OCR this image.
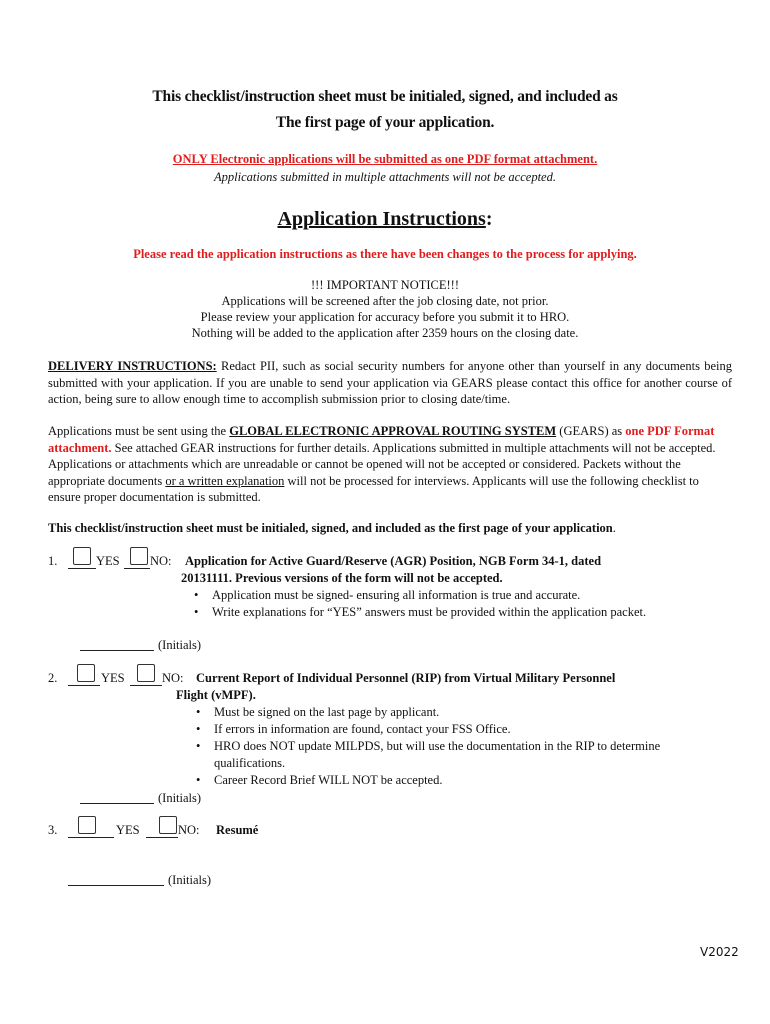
This checklist/instruction sheet must be initialed, signed, and included as
The first page of your application.
ONLY Electronic applications will be submitted as one PDF format attachment.
Applications submitted in multiple attachments will not be accepted.
Application Instructions:
Please read the application instructions as there have been changes to the process for applying.
!!! IMPORTANT NOTICE!!!
Applications will be screened after the job closing date, not prior.
Please review your application for accuracy before you submit it to HRO.
Nothing will be added to the application after 2359 hours on the closing date.
DELIVERY INSTRUCTIONS: Redact PII, such as social security numbers for anyone other than yourself in any documents being submitted with your application. If you are unable to send your application via GEARS please contact this office for another course of action, being sure to allow enough time to accomplish submission prior to closing date/time.
Applications must be sent using the GLOBAL ELECTRONIC APPROVAL ROUTING SYSTEM (GEARS) as one PDF Format attachment. See attached GEAR instructions for further details. Applications submitted in multiple attachments will not be accepted. Applications or attachments which are unreadable or cannot be opened will not be accepted or considered. Packets without the appropriate documents or a written explanation will not be processed for interviews. Applicants will use the following checklist to ensure proper documentation is submitted.
This checklist/instruction sheet must be initialed, signed, and included as the first page of your application.
1.	YES NO: Application for Active Guard/Reserve (AGR) Position, NGB Form 34-1, dated
20131111. Previous versions of the form will not be accepted.
• Application must be signed- ensuring all information is true and accurate.
• Write explanations for “YES” answers must be provided within the application packet.
(Initials)
2.	YES	NO: Current Report of Individual Personnel (RIP) from Virtual Military Personnel
Flight (vMPF).
• Must be signed on the last page by applicant.
• If errors in information are found, contact your FSS Office.
• HRO does NOT update MILPDS, but will use the documentation in the RIP to determine qualifications.
• Career Record Brief WILL NOT be accepted.
(Initials)
3.	YES	NO: Resumé
(Initials)
V2022
